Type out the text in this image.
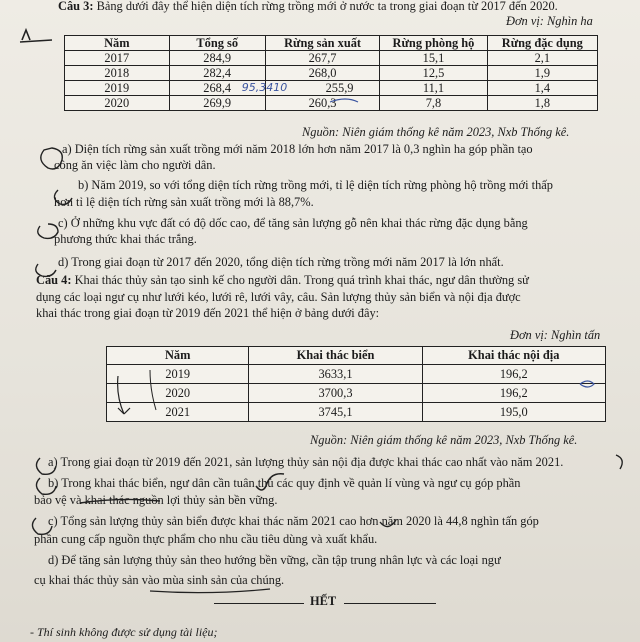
Câu 3: Bảng dưới đây thể hiện diện tích rừng trồng mới ở nước ta trong giai đoạn từ 2017 đến 2020.
Đơn vị: Nghìn ha
Năm	Tổng số	Rừng sản xuất	Rừng phòng hộ	Rừng đặc dụng
2017	284,9	267,7	15,1	2,1
2018	282,4	268,0	12,5	1,9
2019	268,4	95,3410 255,9	11,1	1,4
2020	269,9	260,3	7,8	1,8
Nguồn: Niên giám thống kê năm 2023, Nxb Thống kê.
a) Diện tích rừng sản xuất trồng mới năm 2018 lớn hơn năm 2017 là 0,3 nghìn ha góp phần tạo
công ăn việc làm cho người dân.
b) Năm 2019, so với tổng diện tích rừng trồng mới, tỉ lệ diện tích rừng phòng hộ trồng mới thấp
hơn tỉ lệ diện tích rừng sản xuất trồng mới là 88,7%.
c) Ở những khu vực đất có độ dốc cao, để tăng sản lượng gỗ nên khai thác rừng đặc dụng bằng
phương thức khai thác trắng.
d) Trong giai đoạn từ 2017 đến 2020, tổng diện tích rừng trồng mới năm 2017 là lớn nhất.
Câu 4: Khai thác thủy sản tạo sinh kế cho người dân. Trong quá trình khai thác, ngư dân thường sử
dụng các loại ngư cụ như lưới kéo, lưới rê, lưới vây, câu. Sản lượng thủy sản biển và nội địa được
khai thác trong giai đoạn từ 2019 đến 2021 thể hiện ở bảng dưới đây:
Đơn vị: Nghìn tấn
Năm	Khai thác biển	Khai thác nội địa
2019	3633,1	196,2
2020	3700,3	196,2
2021	3745,1	195,0
Nguồn: Niên giám thống kê năm 2023, Nxb Thống kê.
a) Trong giai đoạn từ 2019 đến 2021, sản lượng thủy sản nội địa được khai thác cao nhất vào năm 2021.
b) Trong khai thác biển, ngư dân cần tuân thủ các quy định về quản lí vùng và ngư cụ góp phần
bảo vệ và khai thác nguồn lợi thủy sản bền vững.
c) Tổng sản lượng thủy sản biển được khai thác năm 2021 cao hơn năm 2020 là 44,8 nghìn tấn góp
phần cung cấp nguồn thực phẩm cho nhu cầu tiêu dùng và xuất khẩu.
d) Để tăng sản lượng thủy sản theo hướng bền vững, cần tập trung nhân lực và các loại ngư
cụ khai thác thủy sản vào mùa sinh sản của chúng.
HẾT
- Thí sinh không được sử dụng tài liệu;
